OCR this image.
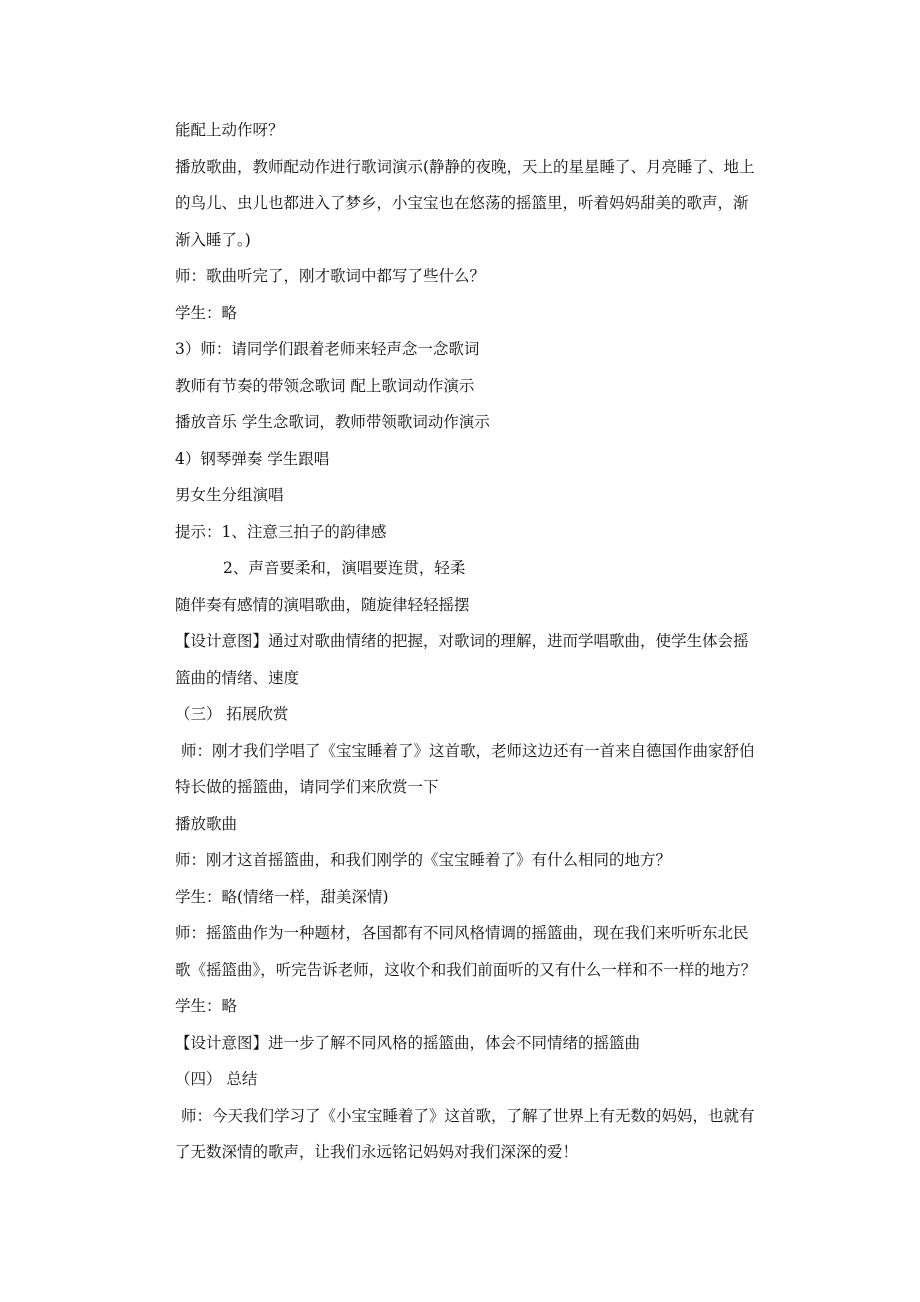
能配上动作呀？
播放歌曲，教师配动作进行歌词演示(静静的夜晚，天上的星星睡了、月亮睡了、地上
的鸟儿、虫儿也都进入了梦乡，小宝宝也在悠荡的摇篮里，听着妈妈甜美的歌声，渐
渐入睡了。)
师：歌曲听完了，刚才歌词中都写了些什么？
学生：略
3）师：请同学们跟着老师来轻声念一念歌词
教师有节奏的带领念歌词 配上歌词动作演示
播放音乐 学生念歌词，教师带领歌词动作演示
4）钢琴弹奏 学生跟唱
男女生分组演唱
提示：1、注意三拍子的韵律感
2、声音要柔和，演唱要连贯，轻柔
随伴奏有感情的演唱歌曲，随旋律轻轻摇摆
【设计意图】通过对歌曲情绪的把握，对歌词的理解，进而学唱歌曲，使学生体会摇
篮曲的情绪、速度
（三） 拓展欣赏
师：刚才我们学唱了《宝宝睡着了》这首歌，老师这边还有一首来自德国作曲家舒伯
特长做的摇篮曲，请同学们来欣赏一下
播放歌曲
师：刚才这首摇篮曲，和我们刚学的《宝宝睡着了》有什么相同的地方？
学生：略(情绪一样，甜美深情)
师：摇篮曲作为一种题材，各国都有不同风格情调的摇篮曲，现在我们来听听东北民
歌《摇篮曲》，听完告诉老师，这收个和我们前面听的又有什么一样和不一样的地方？
学生：略
【设计意图】进一步了解不同风格的摇篮曲，体会不同情绪的摇篮曲
（四） 总结
师：今天我们学习了《小宝宝睡着了》这首歌，了解了世界上有无数的妈妈，也就有
了无数深情的歌声，让我们永远铭记妈妈对我们深深的爱！
